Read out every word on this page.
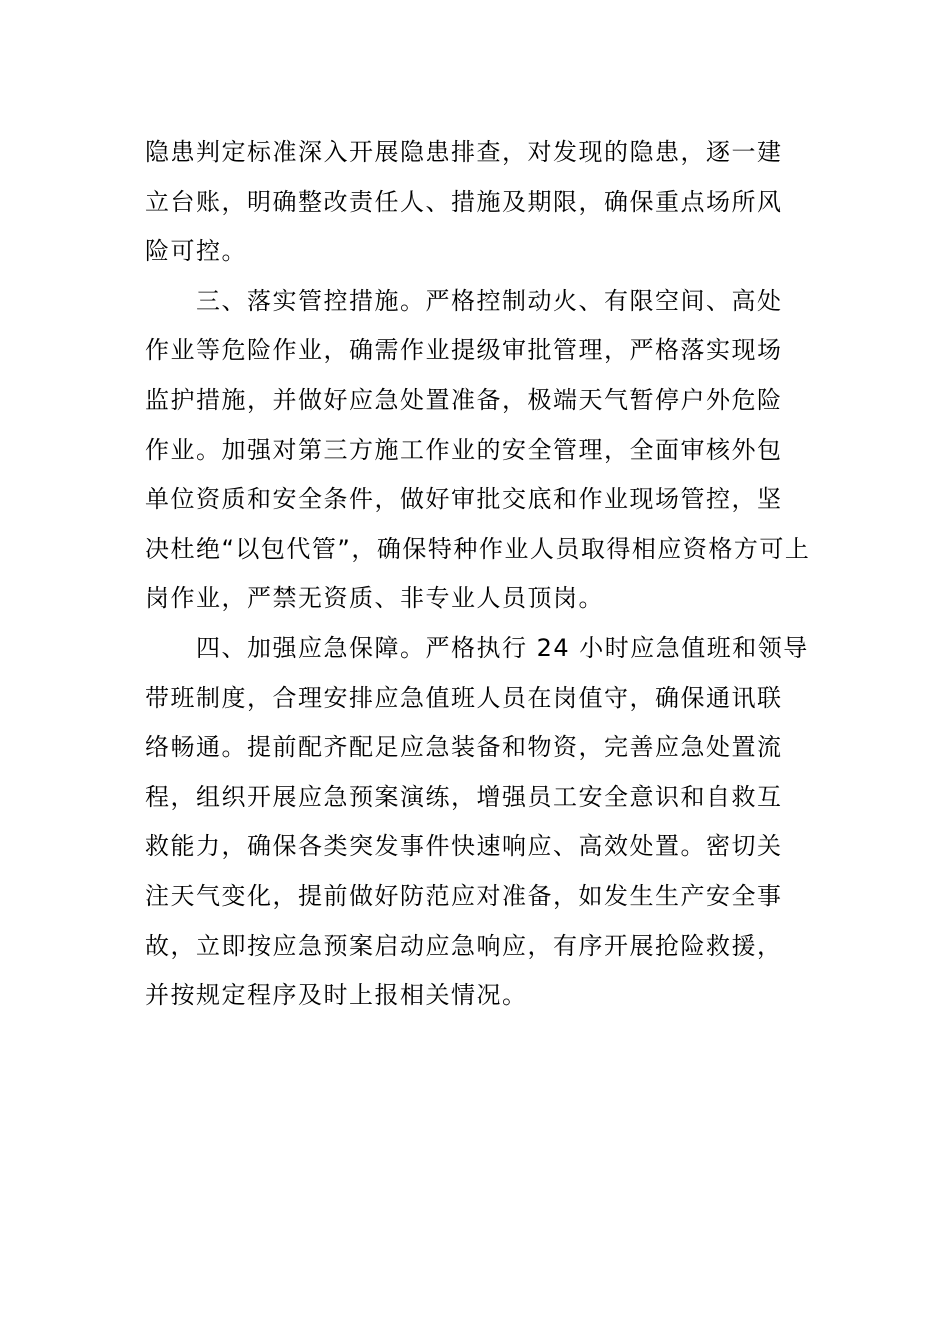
隐患判定标准深入开展隐患排查，对发现的隐患，逐一建
立台账，明确整改责任人、措施及期限，确保重点场所风
险可控。
三、落实管控措施。严格控制动火、有限空间、高处
作业等危险作业，确需作业提级审批管理，严格落实现场
监护措施，并做好应急处置准备，极端天气暂停户外危险
作业。加强对第三方施工作业的安全管理，全面审核外包
单位资质和安全条件，做好审批交底和作业现场管控，坚
决杜绝“以包代管”，确保特种作业人员取得相应资格方可上
岗作业，严禁无资质、非专业人员顶岗。
四、加强应急保障。严格执行 24 小时应急值班和领导
带班制度，合理安排应急值班人员在岗值守，确保通讯联
络畅通。提前配齐配足应急装备和物资，完善应急处置流
程，组织开展应急预案演练，增强员工安全意识和自救互
救能力，确保各类突发事件快速响应、高效处置。密切关
注天气变化，提前做好防范应对准备，如发生生产安全事
故，立即按应急预案启动应急响应，有序开展抢险救援，
并按规定程序及时上报相关情况。
